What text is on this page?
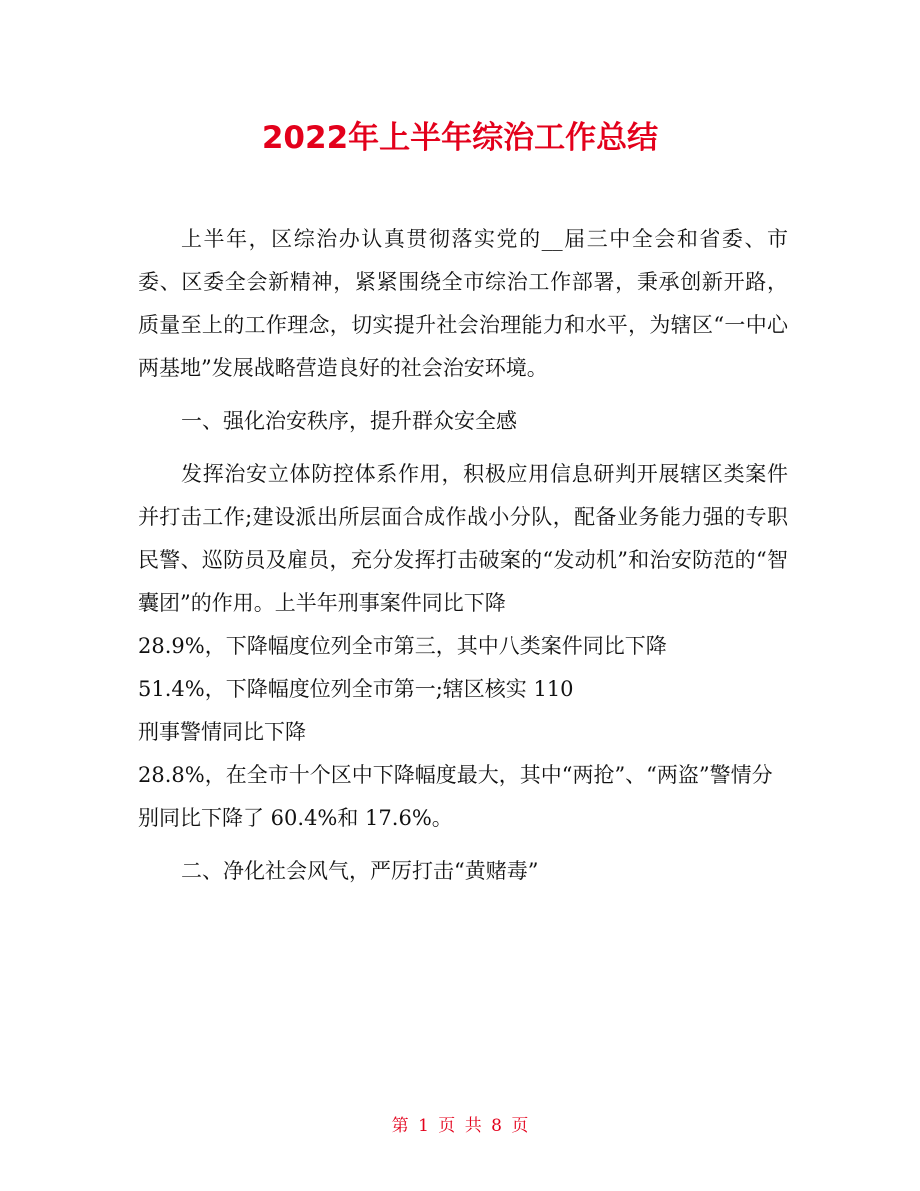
2022年上半年综治工作总结

上半年，区综治办认真贯彻落实党的__届三中全会和省委、市委、区委全会新精神，紧紧围绕全市综治工作部署，秉承创新开路，质量至上的工作理念，切实提升社会治理能力和水平，为辖区“一中心两基地”发展战略营造良好的社会治安环境。

一、强化治安秩序，提升群众安全感

发挥治安立体防控体系作用，积极应用信息研判开展辖区类案件并打击工作;建设派出所层面合成作战小分队，配备业务能力强的专职民警、巡防员及雇员，充分发挥打击破案的“发动机”和治安防范的“智囊团”的作用。上半年刑事案件同比下降

28.9%，下降幅度位列全市第三，其中八类案件同比下降

51.4%，下降幅度位列全市第一;辖区核实 110

刑事警情同比下降

28.8%，在全市十个区中下降幅度最大，其中“两抢”、“两盗”警情分别同比下降了 60.4%和 17.6%。

二、净化社会风气，严厉打击“黄赌毒”

第 1 页 共 8 页
